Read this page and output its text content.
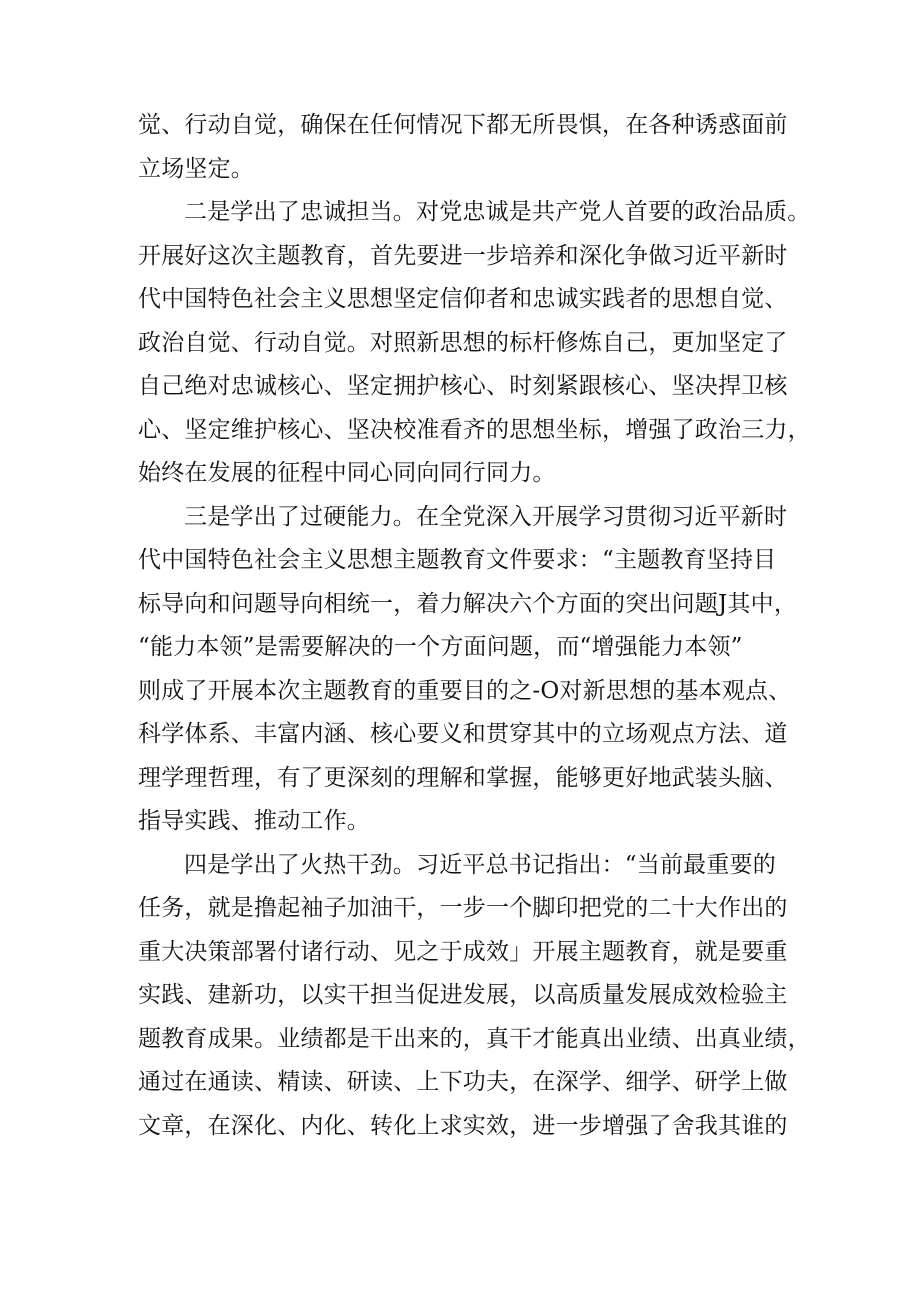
觉、行动自觉，确保在任何情况下都无所畏惧，在各种诱惑面前
立场坚定。
二是学出了忠诚担当。对党忠诚是共产党人首要的政治品质。
开展好这次主题教育，首先要进一步培养和深化争做习近平新时
代中国特色社会主义思想坚定信仰者和忠诚实践者的思想自觉、
政治自觉、行动自觉。对照新思想的标杆修炼自己，更加坚定了
自己绝对忠诚核心、坚定拥护核心、时刻紧跟核心、坚决捍卫核
心、坚定维护核心、坚决校准看齐的思想坐标，增强了政治三力，
始终在发展的征程中同心同向同行同力。
三是学出了过硬能力。在全党深入开展学习贯彻习近平新时
代中国特色社会主义思想主题教育文件要求：“主题教育坚持目
标导向和问题导向相统一，着力解决六个方面的突出问题J其中，
“能力本领”是需要解决的一个方面问题，而“增强能力本领”
则成了开展本次主题教育的重要目的之-O对新思想的基本观点、
科学体系、丰富内涵、核心要义和贯穿其中的立场观点方法、道
理学理哲理，有了更深刻的理解和掌握，能够更好地武装头脑、
指导实践、推动工作。
四是学出了火热干劲。习近平总书记指出：“当前最重要的
任务，就是撸起袖子加油干，一步一个脚印把党的二十大作出的
重大决策部署付诸行动、见之于成效」开展主题教育，就是要重
实践、建新功，以实干担当促进发展，以高质量发展成效检验主
题教育成果。业绩都是干出来的，真干才能真出业绩、出真业绩，
通过在通读、精读、研读、上下功夫，在深学、细学、研学上做
文章，在深化、内化、转化上求实效，进一步增强了舍我其谁的
